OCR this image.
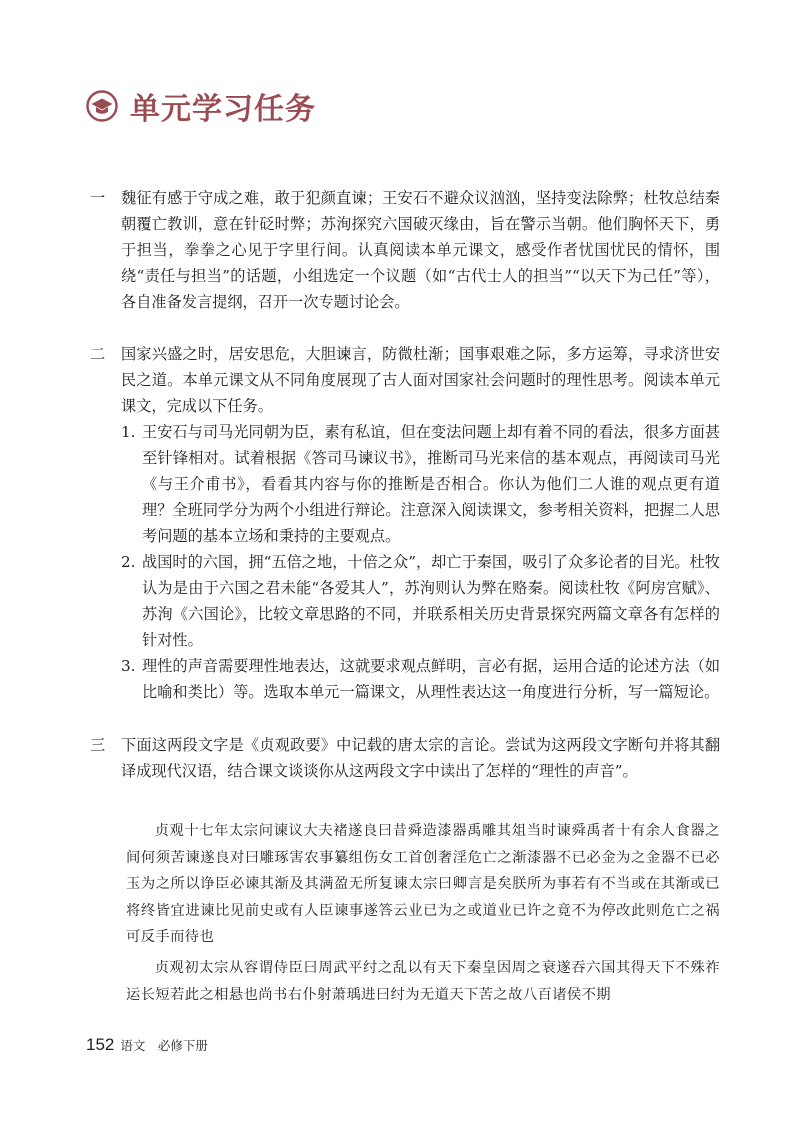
单元学习任务
一	魏征有感于守成之难，敢于犯颜直谏；王安石不避众议汹汹，坚持变法除弊；杜牧总结秦朝覆亡教训，意在针砭时弊；苏洵探究六国破灭缘由，旨在警示当朝。他们胸怀天下，勇于担当，拳拳之心见于字里行间。认真阅读本单元课文，感受作者忧国忧民的情怀，围绕“责任与担当”的话题，小组选定一个议题（如“古代士人的担当”“以天下为己任”等），各自准备发言提纲，召开一次专题讨论会。

二	国家兴盛之时，居安思危，大胆谏言，防微杜渐；国事艰难之际，多方运筹，寻求济世安民之道。本单元课文从不同角度展现了古人面对国家社会问题时的理性思考。阅读本单元课文，完成以下任务。

1. 王安石与司马光同朝为臣，素有私谊，但在变法问题上却有着不同的看法，很多方面甚至针锋相对。试着根据《答司马谏议书》，推断司马光来信的基本观点，再阅读司马光《与王介甫书》，看看其内容与你的推断是否相合。你认为他们二人谁的观点更有道理？全班同学分为两个小组进行辩论。注意深入阅读课文，参考相关资料，把握二人思考问题的基本立场和秉持的主要观点。
2. 战国时的六国，拥“五倍之地，十倍之众”，却亡于秦国，吸引了众多论者的目光。杜牧认为是由于六国之君未能“各爱其人”，苏洵则认为弊在赂秦。阅读杜牧《阿房宫赋》、苏洵《六国论》，比较文章思路的不同，并联系相关历史背景探究两篇文章各有怎样的针对性。
3. 理性的声音需要理性地表达，这就要求观点鲜明，言必有据，运用合适的论述方法（如比喻和类比）等。选取本单元一篇课文，从理性表达这一角度进行分析，写一篇短论。
三	下面这两段文字是《贞观政要》中记载的唐太宗的言论。尝试为这两段文字断句并将其翻译成现代汉语，结合课文谈谈你从这两段文字中读出了怎样的“理性的声音”。

贞观十七年太宗问谏议大夫褚遂良曰昔舜造漆器禹雕其俎当时谏舜禹者十有余人食器之间何须苦谏遂良对曰雕琢害农事纂组伤女工首创奢淫危亡之渐漆器不已必金为之金器不已必玉为之所以诤臣必谏其渐及其满盈无所复谏太宗曰卿言是矣朕所为事若有不当或在其渐或已将终皆宜进谏比见前史或有人臣谏事遂答云业已为之或道业已许之竟不为停改此则危亡之祸可反手而待也
贞观初太宗从容谓侍臣曰周武平纣之乱以有天下秦皇因周之衰遂吞六国其得天下不殊祚运长短若此之相悬也尚书右仆射萧瑀进曰纣为无道天下苦之故八百诸侯不期
152 语文　必修下册
